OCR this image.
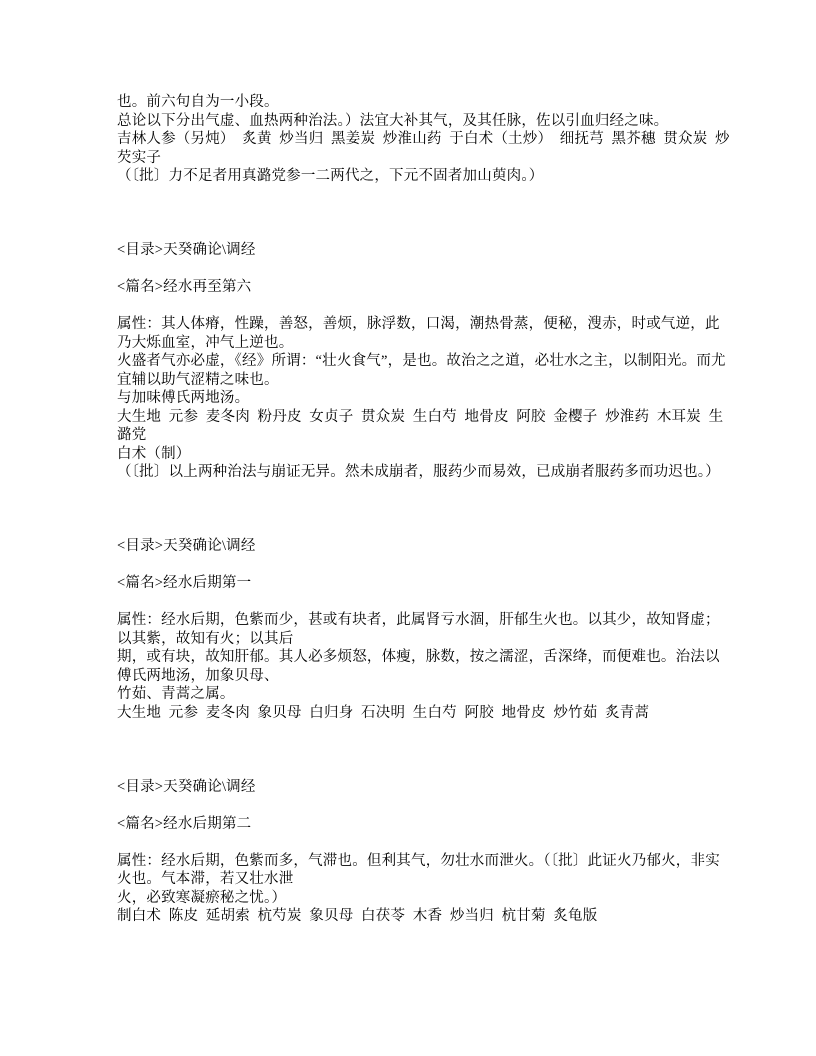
也。前六句自为一小段。
总论以下分出气虚、血热两种治法。）法宜大补其气，及其任脉，佐以引血归经之味。
吉林人参（另炖）  炙黄  炒当归  黑姜炭  炒淮山药  于白术（土炒）  细抚芎  黑芥穗  贯众炭  炒
芡实子
（〔批〕力不足者用真潞党参一二两代之，下元不固者加山萸肉。）

<目录>天癸确论\调经

<篇名>经水再至第六

属性：其人体瘠，性躁，善怒，善烦，脉浮数，口渴，潮热骨蒸，便秘，溲赤，时或气逆，此
乃大烁血室，冲气上逆也。
火盛者气亦必虚，《经》所谓：“壮火食气”，是也。故治之之道，必壮水之主，以制阳光。而尤
宜辅以助气涩精之味也。
与加味傅氏两地汤。
大生地  元参  麦冬肉  粉丹皮  女贞子  贯众炭  生白芍  地骨皮  阿胶  金樱子  炒淮药  木耳炭  生
潞党
白术（制）
（〔批〕以上两种治法与崩证无异。然未成崩者，服药少而易效，已成崩者服药多而功迟也。）

<目录>天癸确论\调经

<篇名>经水后期第一

属性：经水后期，色紫而少，甚或有块者，此属肾亏水涸，肝郁生火也。以其少，故知肾虚；
以其紫，故知有火；以其后
期，或有块，故知肝郁。其人必多烦怒，体瘦，脉数，按之濡涩，舌深绛，而便难也。治法以
傅氏两地汤，加象贝母、
竹茹、青蒿之属。
大生地  元参  麦冬肉  象贝母  白归身  石决明  生白芍  阿胶  地骨皮  炒竹茹  炙青蒿

<目录>天癸确论\调经

<篇名>经水后期第二

属性：经水后期，色紫而多，气滞也。但利其气，勿壮水而泄火。（〔批〕此证火乃郁火，非实
火也。气本滞，若又壮水泄
火，必致寒凝瘀秘之忧。）
制白术  陈皮  延胡索  杭芍炭  象贝母  白茯苓  木香  炒当归  杭甘菊  炙龟版
